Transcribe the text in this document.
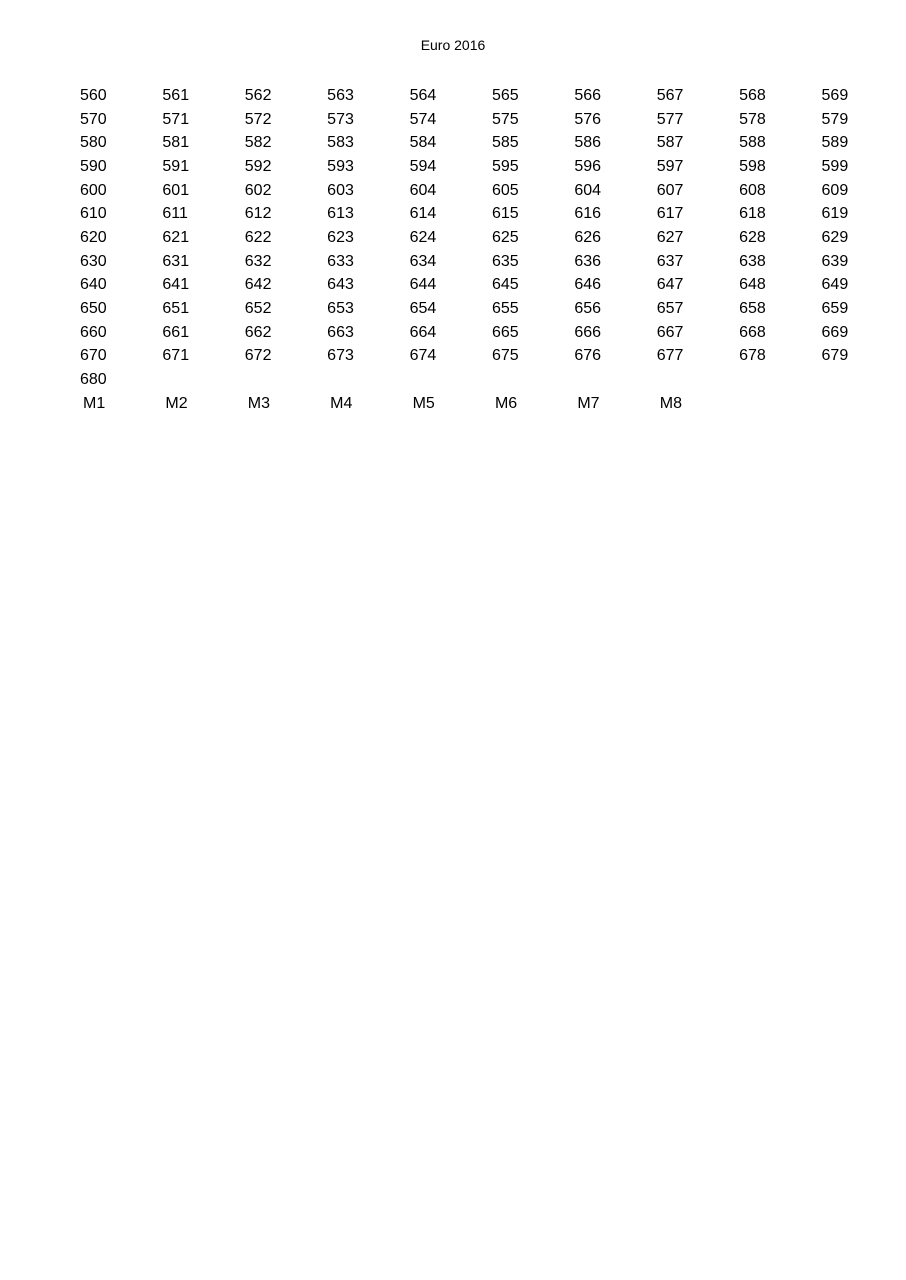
Euro 2016
560	561	562	563	564	565	566	567	568	569
570	571	572	573	574	575	576	577	578	579
580	581	582	583	584	585	586	587	588	589
590	591	592	593	594	595	596	597	598	599
600	601	602	603	604	605	604	607	608	609
610	611	612	613	614	615	616	617	618	619
620	621	622	623	624	625	626	627	628	629
630	631	632	633	634	635	636	637	638	639
640	641	642	643	644	645	646	647	648	649
650	651	652	653	654	655	656	657	658	659
660	661	662	663	664	665	666	667	668	669
670	671	672	673	674	675	676	677	678	679
680
M1	M2	M3	M4	M5	M6	M7	M8
